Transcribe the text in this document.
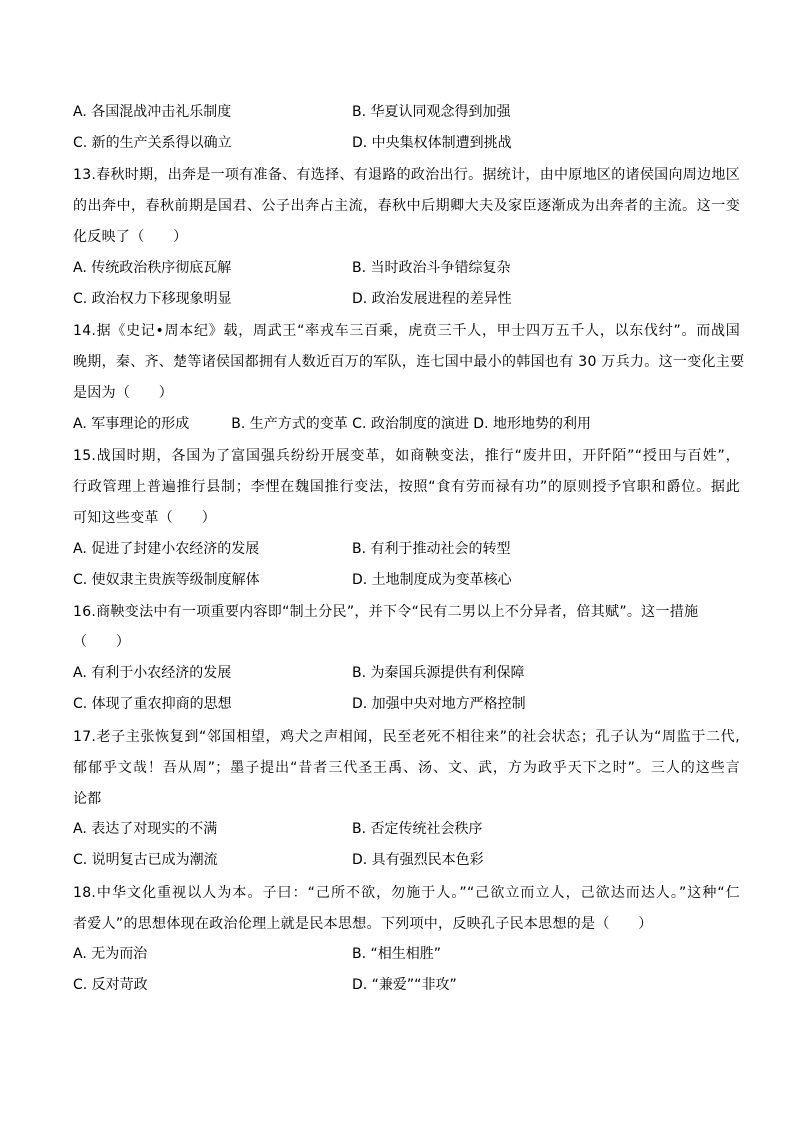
A. 各国混战冲击礼乐制度	B. 华夏认同观念得到加强
C. 新的生产关系得以确立	D. 中央集权体制遭到挑战
13.春秋时期，出奔是一项有准备、有选择、有退路的政治出行。据统计，由中原地区的诸侯国向周边地区
的出奔中，春秋前期是国君、公子出奔占主流，春秋中后期卿大夫及家臣逐渐成为出奔者的主流。这一变
化反映了（　　）
A. 传统政治秩序彻底瓦解	B. 当时政治斗争错综复杂
C. 政治权力下移现象明显	D. 政治发展进程的差异性
14.据《史记•周本纪》载，周武王“率戎车三百乘，虎贲三千人，甲士四万五千人，以东伐纣”。而战国
晚期，秦、齐、楚等诸侯国都拥有人数近百万的军队，连七国中最小的韩国也有 30 万兵力。这一变化主要
是因为（　　）
A. 军事理论的形成　　　B. 生产方式的变革 C. 政治制度的演进 D. 地形地势的利用
15.战国时期，各国为了富国强兵纷纷开展变革，如商鞅变法，推行“废井田，开阡陌”“授田与百姓”，
行政管理上普遍推行县制；李悝在魏国推行变法，按照“食有劳而禄有功”的原则授予官职和爵位。据此
可知这些变革（　　）
A. 促进了封建小农经济的发展	B. 有利于推动社会的转型
C. 使奴隶主贵族等级制度解体	D. 土地制度成为变革核心
16.商鞅变法中有一项重要内容即“制土分民”，并下令“民有二男以上不分异者，倍其赋”。这一措施
（　　）
A. 有利于小农经济的发展	B. 为秦国兵源提供有利保障
C. 体现了重农抑商的思想	D. 加强中央对地方严格控制
17.老子主张恢复到“邻国相望，鸡犬之声相闻，民至老死不相往来”的社会状态；孔子认为“周监于二代,
郁郁乎文哉！吾从周”；墨子提出“昔者三代圣王禹、汤、文、武，方为政乎天下之时”。三人的这些言
论都
A. 表达了对现实的不满	B. 否定传统社会秩序
C. 说明复古已成为潮流	D. 具有强烈民本色彩
18.中华文化重视以人为本。子曰：“己所不欲，勿施于人。”“己欲立而立人，己欲达而达人。”这种“仁
者爱人”的思想体现在政治伦理上就是民本思想。下列项中，反映孔子民本思想的是（　　）
A. 无为而治	B. “相生相胜”
C. 反对苛政	D. “兼爱”“非攻”
